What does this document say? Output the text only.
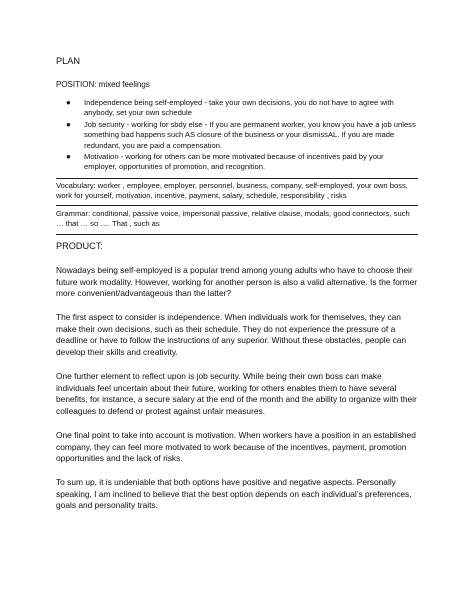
PLAN
POSITION: mixed feelings
● Independence being self-employed - take your own decisions, you do not have to agree with anybody, set your own schedule
● Job security - working for sbdy else - If you are permanent worker, you know you have a job unless something bad happens such AS closure of the business or your dismissAL. If you are made redundant, you are paid a compensation.
● Motivation - working for others can be more motivated because of incentives paid by your employer, opportunities of promotion, and recognition.
Vocabulary: worker , employee, employer, personnel, business, company, self-employed, your own boss, work for yourself, motivation, incentive, payment, salary, schedule, responsibility , risks
Grammar: conditional, passive voice, impersonal passive, relative clause, modals, good connectors, such … that … so …. That , such as
PRODUCT:
Nowadays being self-employed is a popular trend among young adults who have to choose their future work modality. However, working for another person is also a valid alternative. Is the former more convenient/advantageous than the latter?
The first aspect to consider is independence. When individuals work for themselves, they can make their own decisions, such as their schedule. They do not experience the pressure of a deadline or have to follow the instructions of any superior. Without these obstacles, people can develop their skills and creativity.
One further element to reflect upon is job security. While being their own boss can make individuals feel uncertain about their future, working for others enables them to have several benefits, for instance, a secure salary at the end of the month and the ability to organize with their colleagues to defend or protest against unfair measures.
One final point to take into account is motivation. When workers have a position in an established company, they can feel more motivated to work because of the incentives, payment, promotion opportunities and the lack of risks.
To sum up, it is undeniable that both options have positive and negative aspects. Personally speaking, I am inclined to believe that the best option depends on each individual’s preferences, goals and personality traits.
